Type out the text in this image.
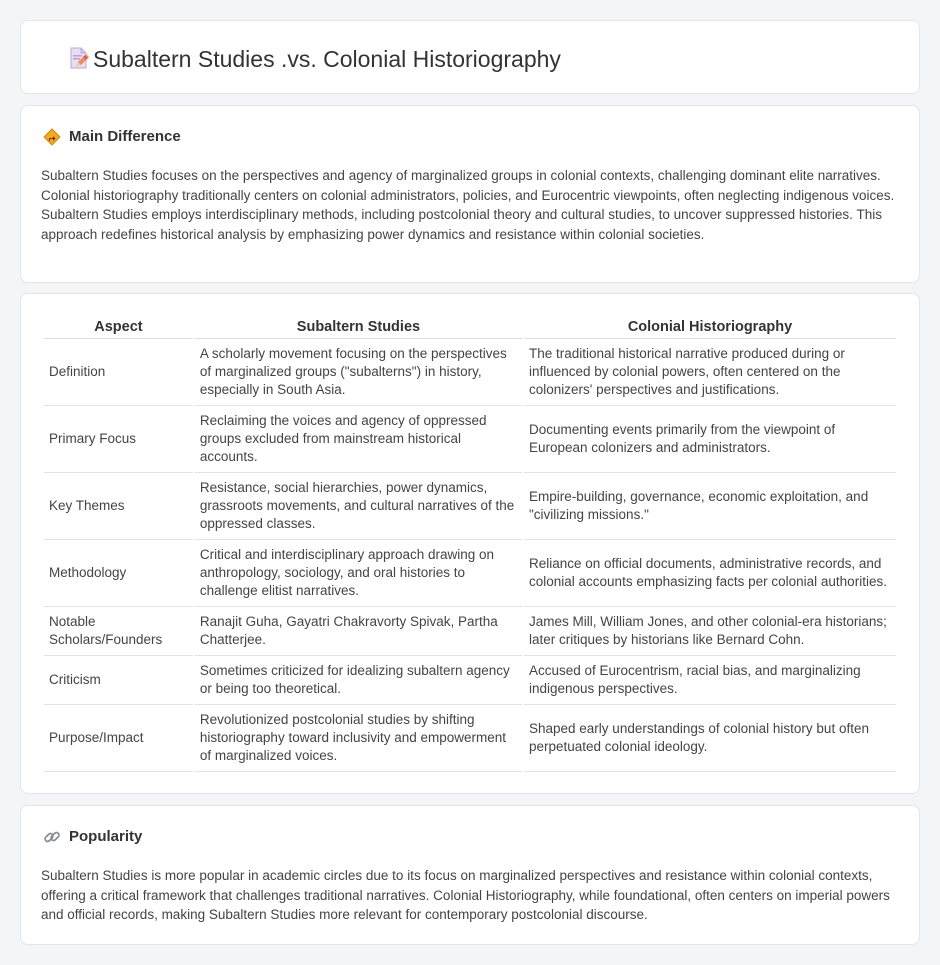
Subaltern Studies .vs. Colonial Historiography
Main Difference

Subaltern Studies focuses on the perspectives and agency of marginalized groups in colonial contexts, challenging dominant elite narratives. Colonial historiography traditionally centers on colonial administrators, policies, and Eurocentric viewpoints, often neglecting indigenous voices. Subaltern Studies employs interdisciplinary methods, including postcolonial theory and cultural studies, to uncover suppressed histories. This approach redefines historical analysis by emphasizing power dynamics and resistance within colonial societies.

Aspect	Subaltern Studies	Colonial Historiography
Definition	A scholarly movement focusing on the perspectives of marginalized groups ("subalterns") in history, especially in South Asia.	The traditional historical narrative produced during or influenced by colonial powers, often centered on the colonizers' perspectives and justifications.
Primary Focus	Reclaiming the voices and agency of oppressed groups excluded from mainstream historical accounts.	Documenting events primarily from the viewpoint of European colonizers and administrators.
Key Themes	Resistance, social hierarchies, power dynamics, grassroots movements, and cultural narratives of the oppressed classes.	Empire-building, governance, economic exploitation, and "civilizing missions."
Methodology	Critical and interdisciplinary approach drawing on anthropology, sociology, and oral histories to challenge elitist narratives.	Reliance on official documents, administrative records, and colonial accounts emphasizing facts per colonial authorities.
Notable Scholars/Founders	Ranajit Guha, Gayatri Chakravorty Spivak, Partha Chatterjee.	James Mill, William Jones, and other colonial-era historians; later critiques by historians like Bernard Cohn.
Criticism	Sometimes criticized for idealizing subaltern agency or being too theoretical.	Accused of Eurocentrism, racial bias, and marginalizing indigenous perspectives.
Purpose/Impact	Revolutionized postcolonial studies by shifting historiography toward inclusivity and empowerment of marginalized voices.	Shaped early understandings of colonial history but often perpetuated colonial ideology.
Popularity

Subaltern Studies is more popular in academic circles due to its focus on marginalized perspectives and resistance within colonial contexts, offering a critical framework that challenges traditional narratives. Colonial Historiography, while foundational, often centers on imperial powers and official records, making Subaltern Studies more relevant for contemporary postcolonial discourse.
